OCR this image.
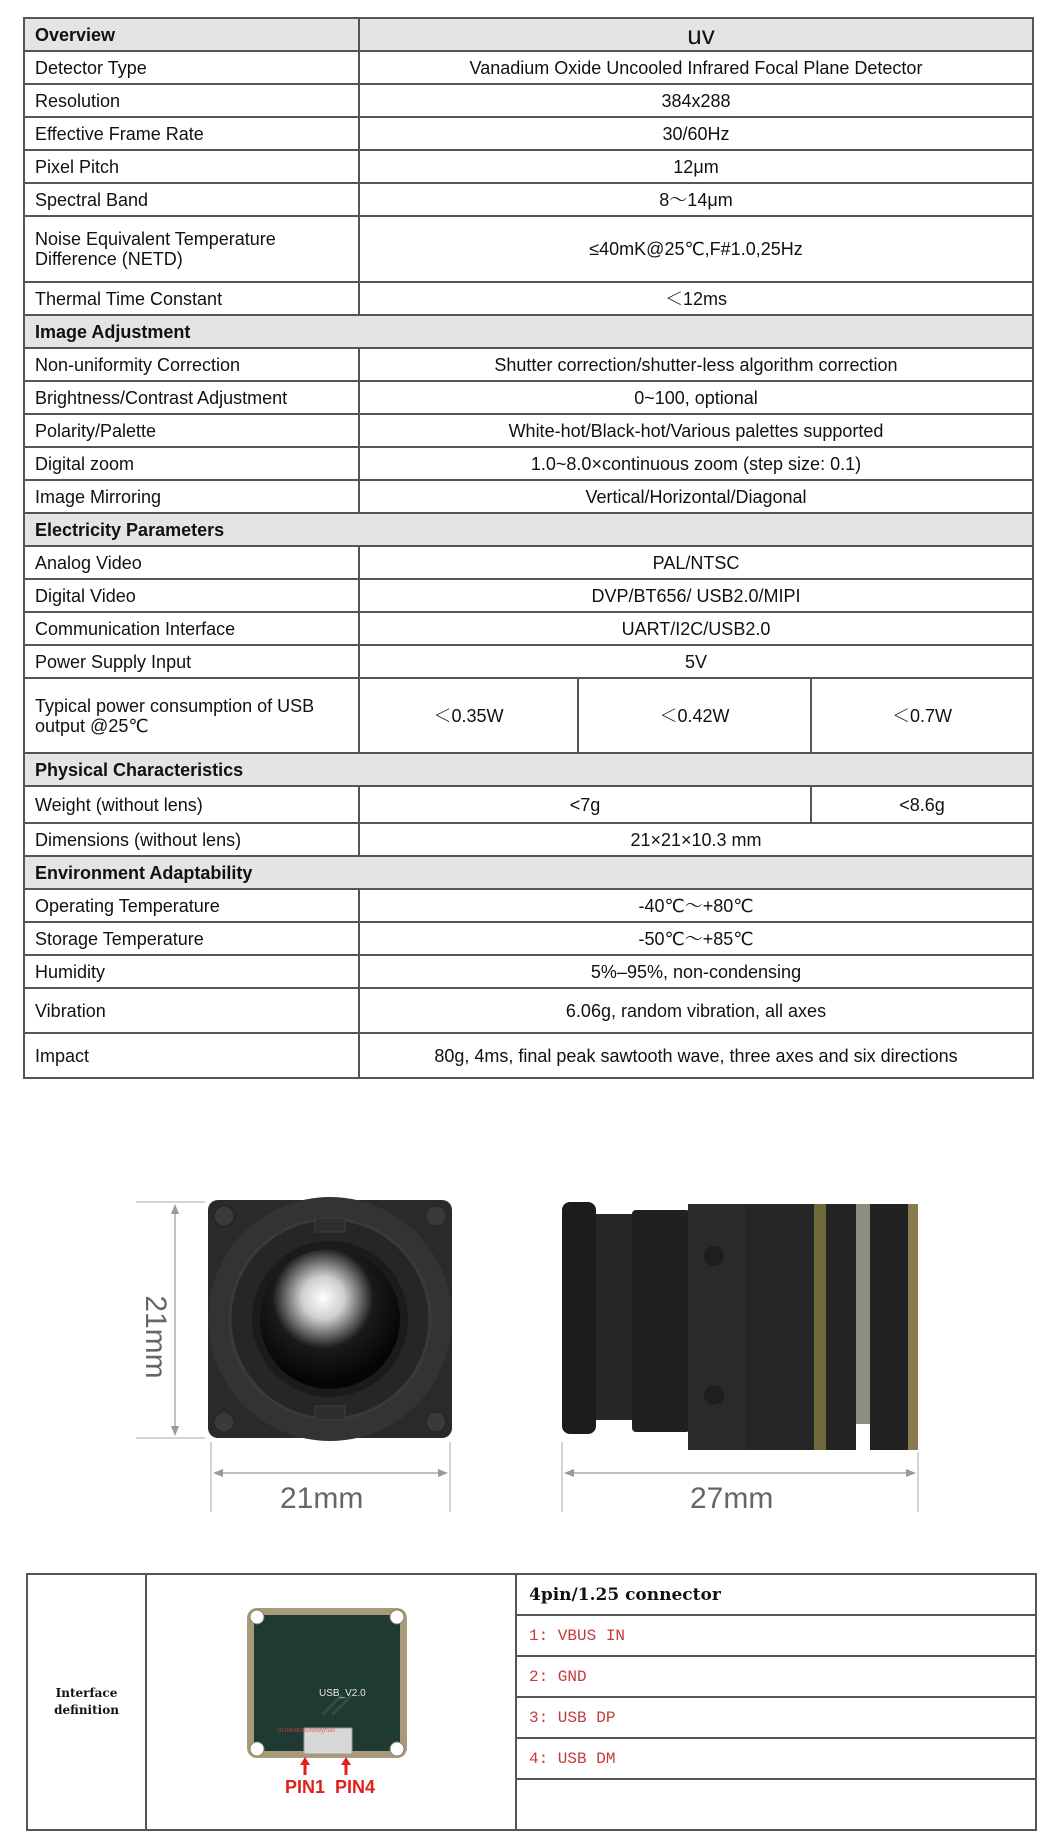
Overview	uv		
Detector Type	Vanadium Oxide Uncooled Infrared Focal Plane Detector		
Resolution	384x288		
Effective Frame Rate	30/60Hz		
Pixel Pitch	12μm		
Spectral Band	8～14μm		
Noise Equivalent Temperature
Difference (NETD)	≤40mK@25℃,F#1.0,25Hz		
Thermal Time Constant	＜12ms		
Image Adjustment			
Non-uniformity Correction	Shutter correction/shutter-less algorithm correction		
Brightness/Contrast Adjustment	0~100, optional		
Polarity/Palette	White-hot/Black-hot/Various palettes supported		
Digital zoom	1.0~8.0×continuous zoom (step size: 0.1)		
Image Mirroring	Vertical/Horizontal/Diagonal		
Electricity Parameters			
Analog Video	PAL/NTSC		
Digital Video	DVP/BT656/ USB2.0/MIPI		
Communication Interface	UART/I2C/USB2.0		
Power Supply Input	5V		
Typical power consumption of USB
output @25℃	＜0.35W	＜0.42W	＜0.7W
Physical Characteristics			
Weight (without lens)	<7g		<8.6g
Dimensions (without lens)	21×21×10.3 mm		
Environment Adaptability			
Operating Temperature	-40℃～+80℃		
Storage Temperature	-50℃～+85℃		
Humidity	5%–95%, non-condensing		
Vibration	6.06g, random vibration, all axes		
Impact	80g, 4ms, final peak sawtooth wave, three axes and six directions		
21mm
21mm	27mm
Interface
definition
cn1068836268wymax
USB_V2.0
PIN1 PIN4
4pin/1.25 connector
1: VBUS IN
2: GND
3: USB DP
4: USB DM
